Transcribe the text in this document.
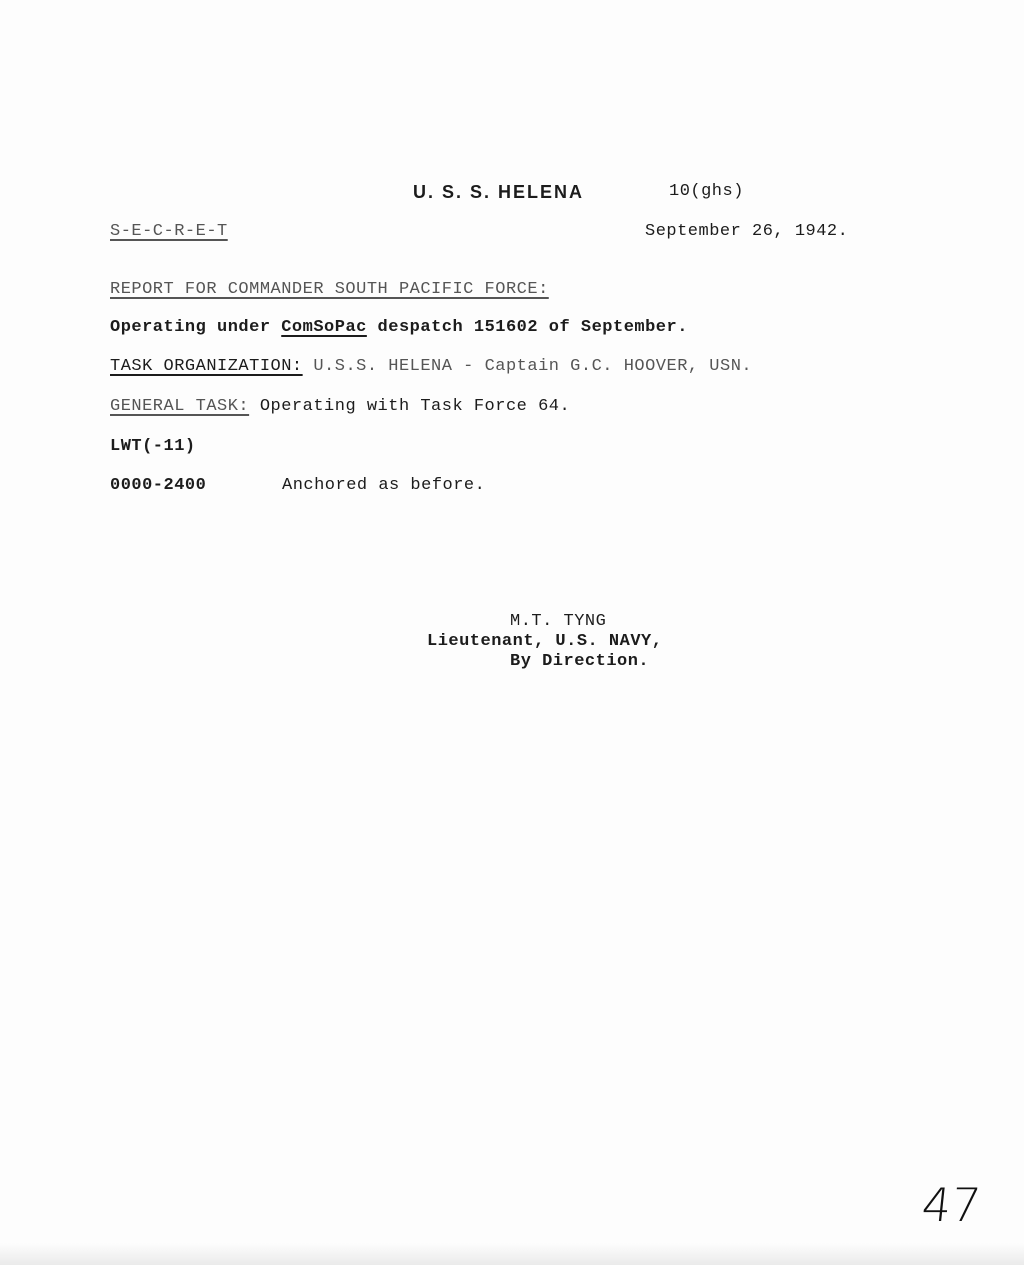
U. S. S. HELENA	10(ghs)
S-E-C-R-E-T	September 26, 1942.
REPORT FOR COMMANDER SOUTH PACIFIC FORCE:
Operating under ComSoPac despatch 151602 of September.
TASK ORGANIZATION: U.S.S. HELENA - Captain G.C. HOOVER, USN.
GENERAL TASK: Operating with Task Force 64.
LWT(-11)
0000-2400	Anchored as before.
M.T. TYNG
Lieutenant, U.S. NAVY,
By Direction.
47
